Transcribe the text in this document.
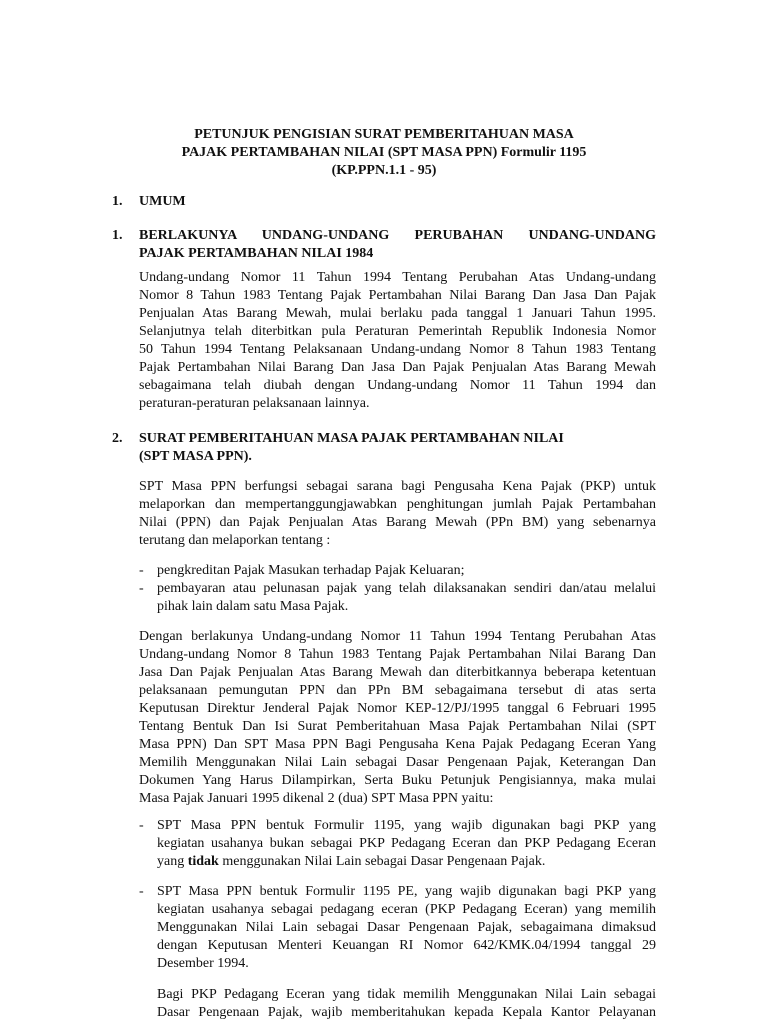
PETUNJUK PENGISIAN SURAT PEMBERITAHUAN MASA
PAJAK PERTAMBAHAN NILAI (SPT MASA PPN) Formulir 1195
(KP.PPN.1.1 - 95)
1. UMUM
1. BERLAKUNYA UNDANG-UNDANG PERUBAHAN UNDANG-UNDANG
PAJAK PERTAMBAHAN NILAI 1984
Undang-undang Nomor 11 Tahun 1994 Tentang Perubahan Atas Undang-undang
Nomor 8 Tahun 1983 Tentang Pajak Pertambahan Nilai Barang Dan Jasa Dan Pajak
Penjualan Atas Barang Mewah, mulai berlaku pada tanggal 1 Januari Tahun 1995.
Selanjutnya telah diterbitkan pula Peraturan Pemerintah Republik Indonesia Nomor
50 Tahun 1994 Tentang Pelaksanaan Undang-undang Nomor 8 Tahun 1983 Tentang
Pajak Pertambahan Nilai Barang Dan Jasa Dan Pajak Penjualan Atas Barang Mewah
sebagaimana telah diubah dengan Undang-undang Nomor 11 Tahun 1994 dan
peraturan-peraturan pelaksanaan lainnya.
2. SURAT PEMBERITAHUAN MASA PAJAK PERTAMBAHAN NILAI
(SPT MASA PPN).
SPT Masa PPN berfungsi sebagai sarana bagi Pengusaha Kena Pajak (PKP) untuk
melaporkan dan mempertanggungjawabkan penghitungan jumlah Pajak Pertambahan
Nilai (PPN) dan Pajak Penjualan Atas Barang Mewah (PPn BM) yang sebenarnya
terutang dan melaporkan tentang :
- pengkreditan Pajak Masukan terhadap Pajak Keluaran;
- pembayaran atau pelunasan pajak yang telah dilaksanakan sendiri dan/atau melalui
pihak lain dalam satu Masa Pajak.
Dengan berlakunya Undang-undang Nomor 11 Tahun 1994 Tentang Perubahan Atas
Undang-undang Nomor 8 Tahun 1983 Tentang Pajak Pertambahan Nilai Barang Dan
Jasa Dan Pajak Penjualan Atas Barang Mewah dan diterbitkannya beberapa ketentuan
pelaksanaan pemungutan PPN dan PPn BM sebagaimana tersebut di atas serta
Keputusan Direktur Jenderal Pajak Nomor KEP-12/PJ/1995 tanggal 6 Februari 1995
Tentang Bentuk Dan Isi Surat Pemberitahuan Masa Pajak Pertambahan Nilai (SPT
Masa PPN) Dan SPT Masa PPN Bagi Pengusaha Kena Pajak Pedagang Eceran Yang
Memilih Menggunakan Nilai Lain sebagai Dasar Pengenaan Pajak, Keterangan Dan
Dokumen Yang Harus Dilampirkan, Serta Buku Petunjuk Pengisiannya, maka mulai
Masa Pajak Januari 1995 dikenal 2 (dua) SPT Masa PPN yaitu:
- SPT Masa PPN bentuk Formulir 1195, yang wajib digunakan bagi PKP yang
kegiatan usahanya bukan sebagai PKP Pedagang Eceran dan PKP Pedagang Eceran
yang tidak menggunakan Nilai Lain sebagai Dasar Pengenaan Pajak.
- SPT Masa PPN bentuk Formulir 1195 PE, yang wajib digunakan bagi PKP yang
kegiatan usahanya sebagai pedagang eceran (PKP Pedagang Eceran) yang memilih
Menggunakan Nilai Lain sebagai Dasar Pengenaan Pajak, sebagaimana dimaksud
dengan Keputusan Menteri Keuangan RI Nomor 642/KMK.04/1994 tanggal 29
Desember 1994.
Bagi PKP Pedagang Eceran yang tidak memilih Menggunakan Nilai Lain sebagai
Dasar Pengenaan Pajak, wajib memberitahukan kepada Kepala Kantor Pelayanan
